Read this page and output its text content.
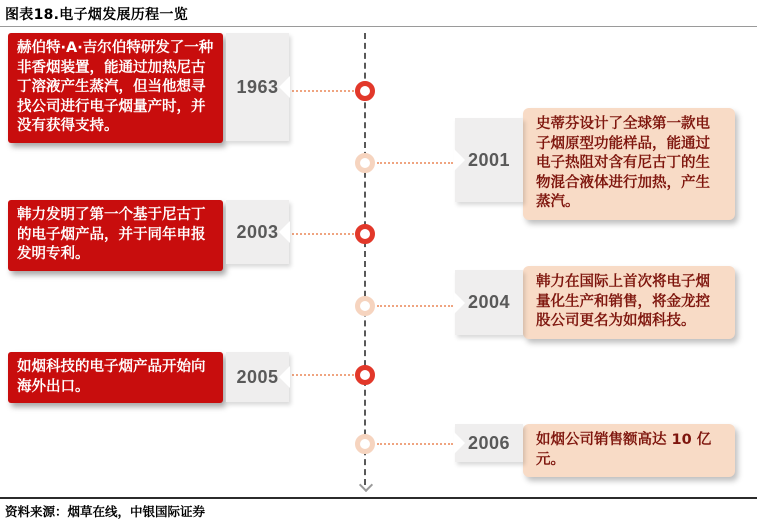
图表18.电子烟发展历程一览
赫伯特·A·吉尔伯特研发了一种非香烟装置，能通过加热尼古丁溶液产生蒸汽，但当他想寻找公司进行电子烟量产时，并没有获得支持。
1963
史蒂芬设计了全球第一款电子烟原型功能样品，能通过电子热阻对含有尼古丁的生物混合液体进行加热，产生蒸汽。
2001
韩力发明了第一个基于尼古丁的电子烟产品，并于同年申报发明专利。
2003
韩力在国际上首次将电子烟量化生产和销售，将金龙控股公司更名为如烟科技。
2004
如烟科技的电子烟产品开始向海外出口。	2005
如烟公司销售额高达 10 亿元。
2006
资料来源：烟草在线，中银国际证券
